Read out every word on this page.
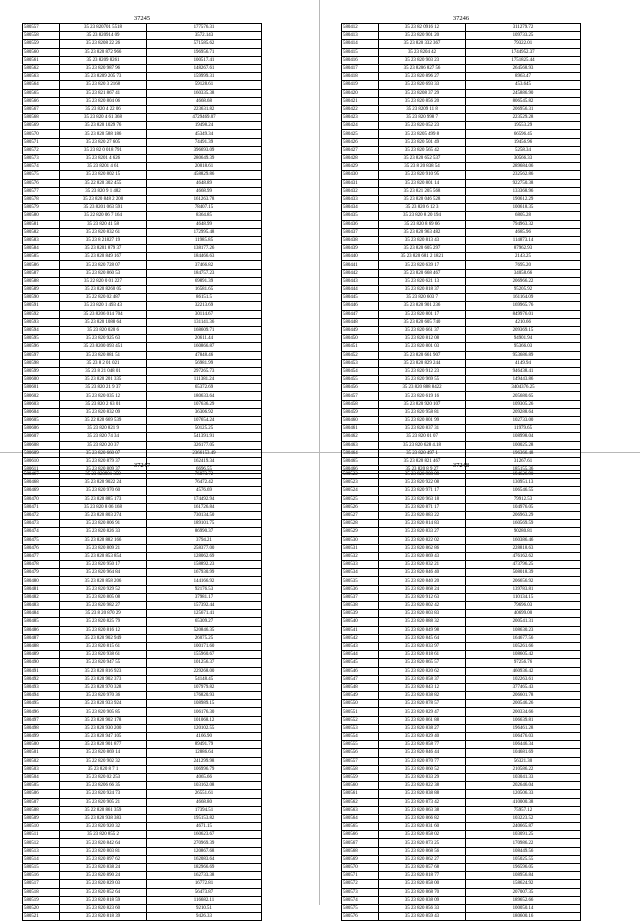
37245
580557	35 23 820701 5518	177576.31
580558	35 23 820914 09	3572.143
580559	35 23 8208 22 26	571585.62
580560	35 23 820 872 966	196956.71
580561	35 23 8209 8261	100517.41
580562	35 23 820 987 96	148267.61
580563	35 23 8209 205 73	159999.31
580564	35 23 820 3 2168	59128.61
580565	35 23 821 867 41	160335.38
580566	35 23 820 804 06	4668.68
580567	35 23 820 4 22 06	223631.82
580568	35 23 820 4 61 368	4729469.07
580569	35 23 820 1029 76	19498.24
580570	35 23 820 588 186	45349.34
580571	35 23 820 27 605	74491.39
580572	35 23 82 0 018 791	396693.09
580573	35 23 8201 4 626	280649.39
580574	35 23 8201 4 61	20018.61
580575	35 23 820 802 15	458829.86
580576	35 22 820 302 455	4648.89
580577	35 23 820 9 1 482	4668.99
580578	35 23 820 848 2 200	161263.78
580579	35 23 8201 063 591	78407.15
580580	35 22 820 06 7 164	8364.85
580581	35 23 820 41 58	4648.99
580582	35 23 820 832 61	172995.48
580583	35 23 8 21827 19	11985.85
580584	35 23 8201 879 37	138177.26
580585	35 23 820 849 167	184466.63
580586	35 23 820 728 07	37466.82
580587	35 23 820 860 53	184757.23
580588	35 22 820 0 01 227	69891.39
580589	35 23 820 8260 05	16581.65
580590	35 22 820 02 487	86151.5
580591	35 23 820 1 493 43	32213.69
580592	35 23 8206 014 704	30114.67
580593	35 23 820 1088 64	131141.36
580594	35 23 820 020 6	168609.71
580595	35 23 820 925 63	20611.44
580596	35 23 8200 093 451	160866.87
580597	35 23 820 881 51	47848.46
580598	35 23 8 2 01 021	56981.99
580599	35 23 8 21 048 01	297265.73
580600	35 23 820 201 335	111381.24
580601	35 23 820 21 9 37	65372.69
580602	35 23 820 035 12	180633.64
580603	35 23 820 2 63 01	107636.29
580604	35 23 820 832 09	36306.92
580605	35 22 820 669 539	107654.24
580606	35 23 820 821 9	50125.25
580607	35 23 820 74 34	541391.91
580608	35 23 820 20 37	326177.05
580609	35 23 820 660 07	2366153.49
580610	35 23 820 879 37	162419.34
580611	35 23 820 809 37	6696.55
37246
580412	35 23 82 0916 12	311279.72
580413	35 23 820 901 20	109733.25
580414	35 23 820 332 367	79322.01
580415	35 23 8204 42	1744952.37
580416	35 23 820 903 23	1751825.44
580417	35 23 8206 827 56	264568.93
580418	35 23 820 896 27	8963.47
580419	35 23 820 693 33	453.645
580420	35 23 8208 37 29	245886.90
580421	35 23 820 856 20	806545.82
580422	35 23 8209 11 8	206956.31
580423	35 23 820 998 7	223529.28
580424	35 23 820 052 23	19553.29
580425	35 23 8205 499 8	66596.45
580426	35 23 820 501 49	19456.96
580427	35 23 820 565 42	5258.34
580428	35 23 820 652 537	30566.33
580429	35 23 8 20 838 54	289684.06
580430	35 23 820 910 95	232562.86
580431	35 23 820 801 14	922750.38
580432	35 23 821 205 568	133368.96
580433	35 23 820 046 528	190612.29
580434	35 23 820 6 12 3	100618.35
580435	35 23 820 8 20 194	6805.28
580436	35 23 820 8 69 66	794963.32
580437	35 23 820 963 482	4685.96
580438	35 23 820 813 43	114873.14
580439	35 23 820 605 297	87962.93
580440	35 23 820 681 2 1821	2143.25
580441	35 23 820 639 17	7695.20
580442	35 23 820 668 467	34058.66
580443	35 23 820 621 13	206966.22
580444	35 23 820 818 37	95205.92
580445	35 23 820 603 7	161164.09
580446	35 23 820 901 236	169965.76
580447	35 23 820 801 17	849976.01
580448	35 23 820 605 740	4210.66
580449	35 23 820 661 37	209369.15
580450	35 23 820 812 08	94901.94
580451	35 23 820 801 03	95366.03
580452	35 23 820 661 907	953686.89
580453	35 23 820 829 244	4149.94
580454	35 23 820 912 23	946438.41
580455	35 23 820 969 55	149443.86
580456	35 23 820 888 8422	3404376.25
580457	35 23 820 619 16	205680.65
580458	35 23 820 920 107	109305.26
580459	35 23 820 958 81	209288.64
580460	35 23 820 801 99	102733.00
580461	35 23 820 837 31	11979.65
580462	35 23 820 01 07	108998.04
580463	35 23 820 628 4.18	100025.28
580464	35 23 820 497 1	196366.48
580465	35 23 820 821 467	31267.61
580466	35 23 820 8 9 27	185155.36
37247
580467	35 23 820901 359	76873.72
580468	35 23 820 9022 24	76472.42
580469	35 23 820 970 60	4576.69
580470	35 23 820 885 173	174492.94
580471	35 23 820 8 06 168	161726.84
580472	35 23 820 803 274	730134.50
580473	35 23 820 806 91	189101.75
580474	35 23 820 826 33	86990.37
580475	35 23 820 882 166	3794.21
580476	35 23 820 809 21	258377.00
580477	35 23 820 853 854	128062.69
580478	35 23 820 950 17	158892.23
580479	35 23 820 964 84	167930.99
580480	35 23 820 858 206	144166.92
580481	35 23 820 929 52	92176.53
580482	35 23 820 805 08	37981.17
580483	35 23 820 982 27	157392.44
580484	35 23 8 20 870 29	125671.41
580485	35 23 820 825 79	65309.27
580486	35 23 820 816 12	520846.35
580487	35 23 820 902 949	26075.25
580488	35 23 820 815 61	100171.60
580489	35 23 820 938 61	155960.67
580490	35 23 820 947 55	101256.37
580491	35 23 820 816 923	229268.00
580492	35 23 820 902 373	54148.45
580493	35 23 820 970 328	107979.82
580494	35 23 820 970 36	176820.93
580495	35 23 820 933 924	108989.15
580496	35 23 820 905 85	106176.30
580497	35 23 820 902 178	101068.12
580498	35 23 820 930 200	120102.55
580499	35 23 820 947 105	4166.90
580500	35 23 820 901 877	89491.79
580501	35 23 820 869 14	12886.64
580502	35 22 820 902 32	241299.98
580503	35 23 820 8 7 1	106996.79
580504	35 23 820 02 253	4065.66
580505	35 23 8206 66 35	103162.08
580506	35 23 820 924 73	26551.61
580507	35 23 820 905 21	4668.80
580508	35 22 820 861 359	17394.51
580509	35 23 820 938 383	195153.82
580510	35 23 820 920 32	4671.15
580511	35 23 820 855 2	160623.67
580512	35 23 820 842 64	270969.39
580513	35 23 820 803 81	120867.68
580514	35 23 820 897 62	162083.64
580515	35 23 820 838 24	182966.69
580516	35 23 820 890 24	162733.38
580517	35 23 820 829 03	16772.81
580518	35 23 820 852 64	56473.87
580519	35 23 820 818 59	116682.11
580520	35 23 820 823 60	9210.51
580521	35 23 820 818 39	9426.33
37248
580522	35 23 820 908 09	194626.90
580523	35 23 820 922 08	130951.13
580524	35 23 820 971 17	106546.55
580525	35 23 820 963 18	79912.53
580526	35 23 820 871 17	104976.05
580527	35 23 820 883 22	206963.29
580528	35 23 820 814 83	160569.59
580529	35 23 820 833 27	90280.81
580530	35 23 820 822 02	160386.46
580531	35 23 820 862 86	228818.63
580532	35 23 820 869 43	476162.62
580533	35 23 820 832 21	473796.25
580534	35 23 820 846 40	508018.39
580535	35 23 820 840 20	206656.92
580536	35 23 820 868 24	139783.81
580537	35 23 820 912 63	110134.15
580538	35 23 820 802 42	79696.03
580539	35 23 820 803 83	40699.00
580540	35 23 820 888 32	200541.31
580541	35 23 820 849 98	108630.23
580542	35 23 820 845 64	164677.56
580543	35 23 820 833 97	105261.66
580544	35 23 820 818 61	108605.42
580545	35 23 820 865 57	97256.76
580546	35 23 820 820 62	460936.42
580547	35 23 820 858 37	102263.61
580548	35 23 820 843 12	377465.43
580549	35 23 820 838 82	206601.78
580550	35 23 820 878 57	200546.26
580551	35 23 820 829 47	200334.66
580552	35 23 820 861 88	106639.81
580553	35 23 820 838 27	196461.28
580554	35 23 820 829 40	106476.03
580555	35 23 820 858 77	106446.34
580556	35 23 820 846 44	104681.69
580557	35 23 820 870 77	56321.30
580558	35 23 820 860 52	210586.22
580559	35 23 820 833 29	103041.33
580560	35 23 820 822 38	202646.04
580561	35 23 820 838 88	120506.33
580562	35 23 820 873 42	410000.38
580563	35 23 820 863 38	75957.12
580564	35 23 820 866 82	103223.52
580565	35 23 820 831 60	240665.87
580566	35 23 820 858 02	103091.25
580567	35 23 820 873 25	170986.22
580568	35 23 820 868 56	108449.56
580569	35 23 820 862 27	105025.55
580570	35 23 820 857 68	196596.05
580571	35 23 820 818 77	108956.84
580572	35 23 820 858 00	158624.92
580573	35 23 820 868 70	207007.35
580574	35 23 820 838 09	189652.66
580575	35 23 820 856 33	100050.14
580576	35 23 820 859 43	180600.16
